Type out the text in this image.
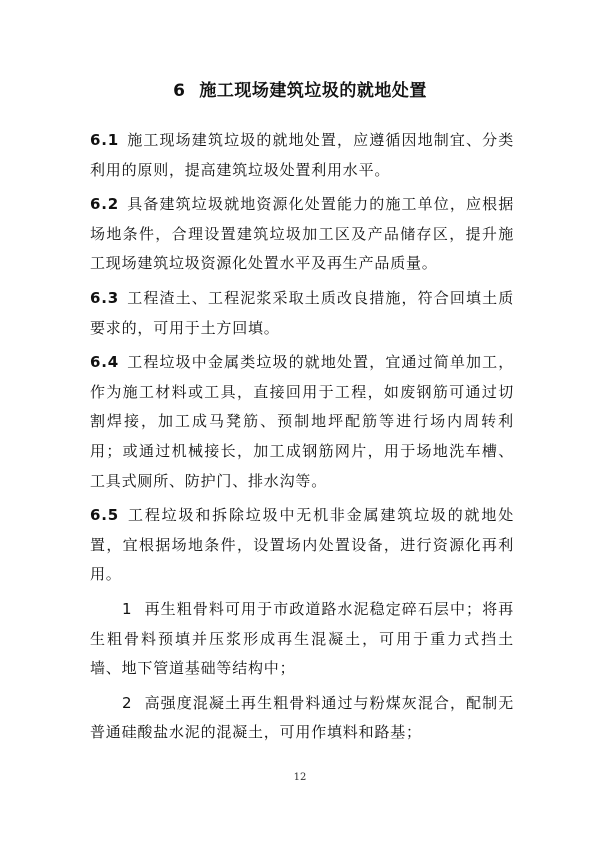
6 施工现场建筑垃圾的就地处置

6.1 施工现场建筑垃圾的就地处置，应遵循因地制宜、分类利用的原则，提高建筑垃圾处置利用水平。

6.2 具备建筑垃圾就地资源化处置能力的施工单位，应根据场地条件，合理设置建筑垃圾加工区及产品储存区，提升施工现场建筑垃圾资源化处置水平及再生产品质量。

6.3 工程渣土、工程泥浆采取土质改良措施，符合回填土质要求的，可用于土方回填。

6.4 工程垃圾中金属类垃圾的就地处置，宜通过简单加工，作为施工材料或工具，直接回用于工程，如废钢筋可通过切割焊接，加工成马凳筋、预制地坪配筋等进行场内周转利用；或通过机械接长，加工成钢筋网片，用于场地洗车槽、工具式厕所、防护门、排水沟等。

6.5 工程垃圾和拆除垃圾中无机非金属建筑垃圾的就地处置，宜根据场地条件，设置场内处置设备，进行资源化再利用。

1 再生粗骨料可用于市政道路水泥稳定碎石层中；将再生粗骨料预填并压浆形成再生混凝土，可用于重力式挡土墙、地下管道基础等结构中；

2 高强度混凝土再生粗骨料通过与粉煤灰混合，配制无普通硅酸盐水泥的混凝土，可用作填料和路基；

12
